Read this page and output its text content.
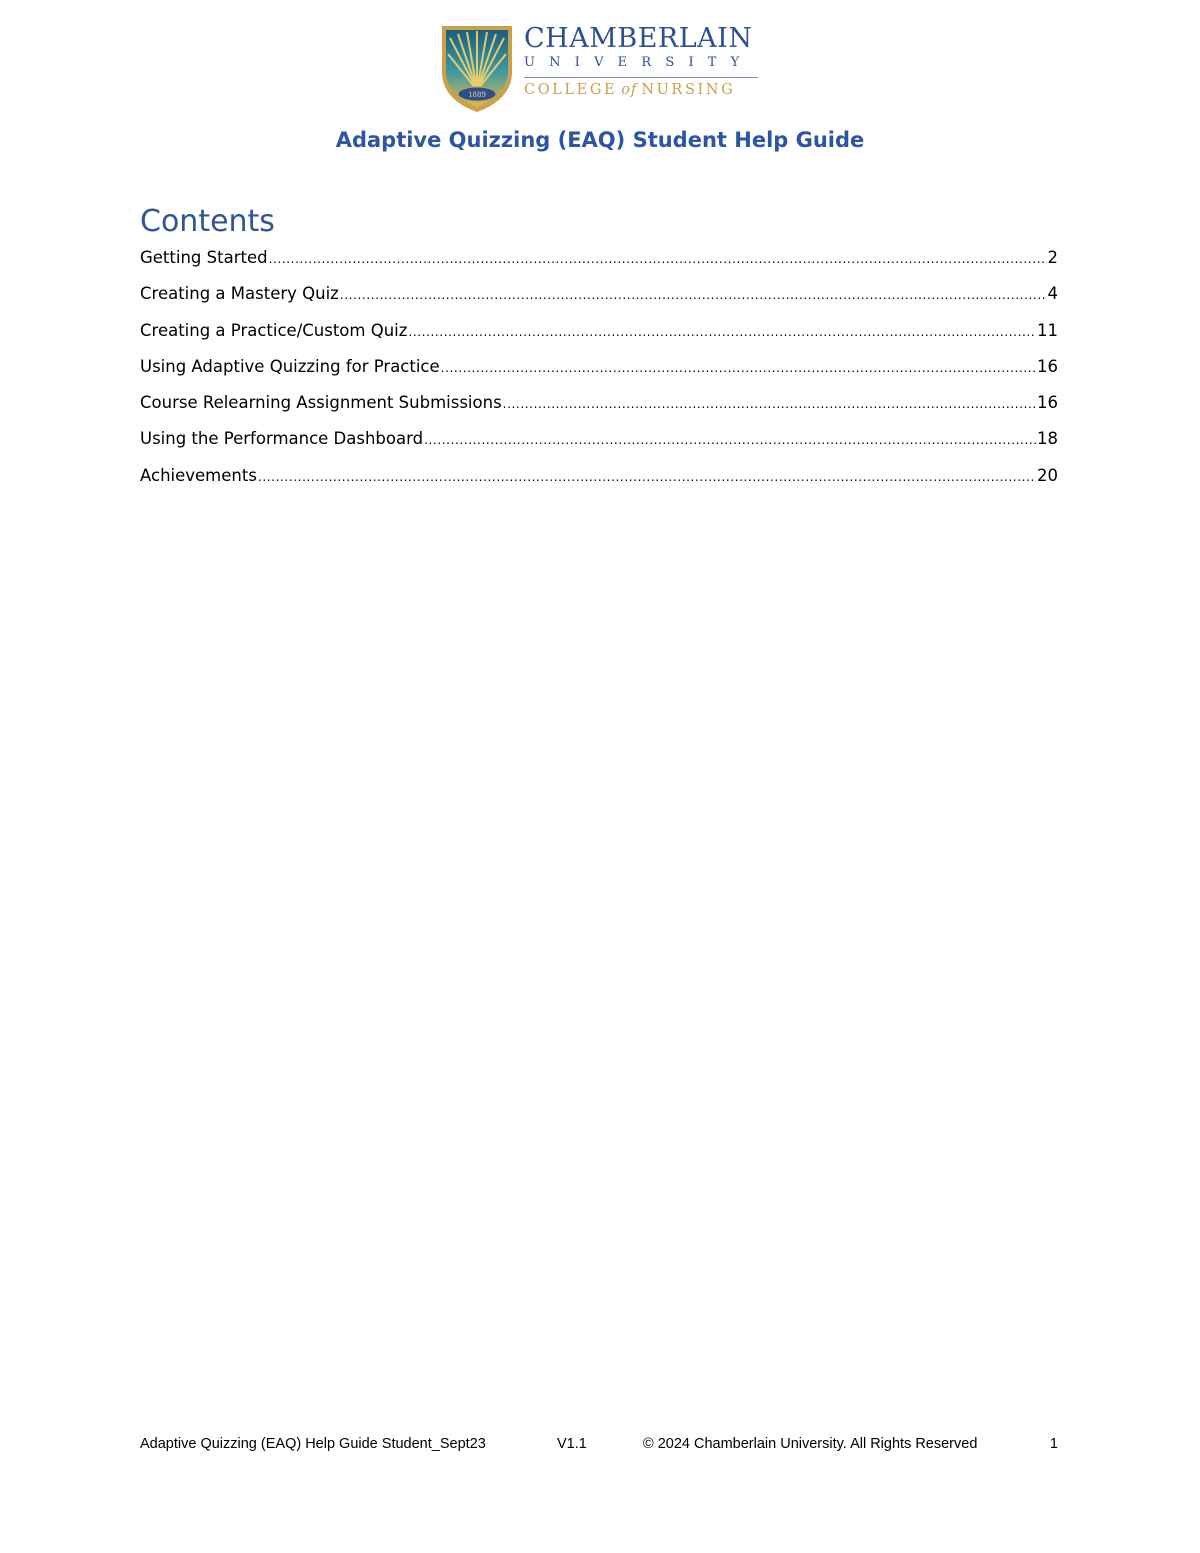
1889
CHAMBERLAIN
UNIVERSITY
COLLEGE of NURSING
Adaptive Quizzing (EAQ) Student Help Guide
Contents
Getting Started .....	2
Creating a Mastery Quiz .....	4
Creating a Practice/Custom Quiz .....	11
Using Adaptive Quizzing for Practice .....	16
Course Relearning Assignment Submissions .....	16
Using the Performance Dashboard .....	18
Achievements .....	20
Adaptive Quizzing (EAQ) Help Guide Student_Sept23	V1.1	© 2024 Chamberlain University. All Rights Reserved	1
